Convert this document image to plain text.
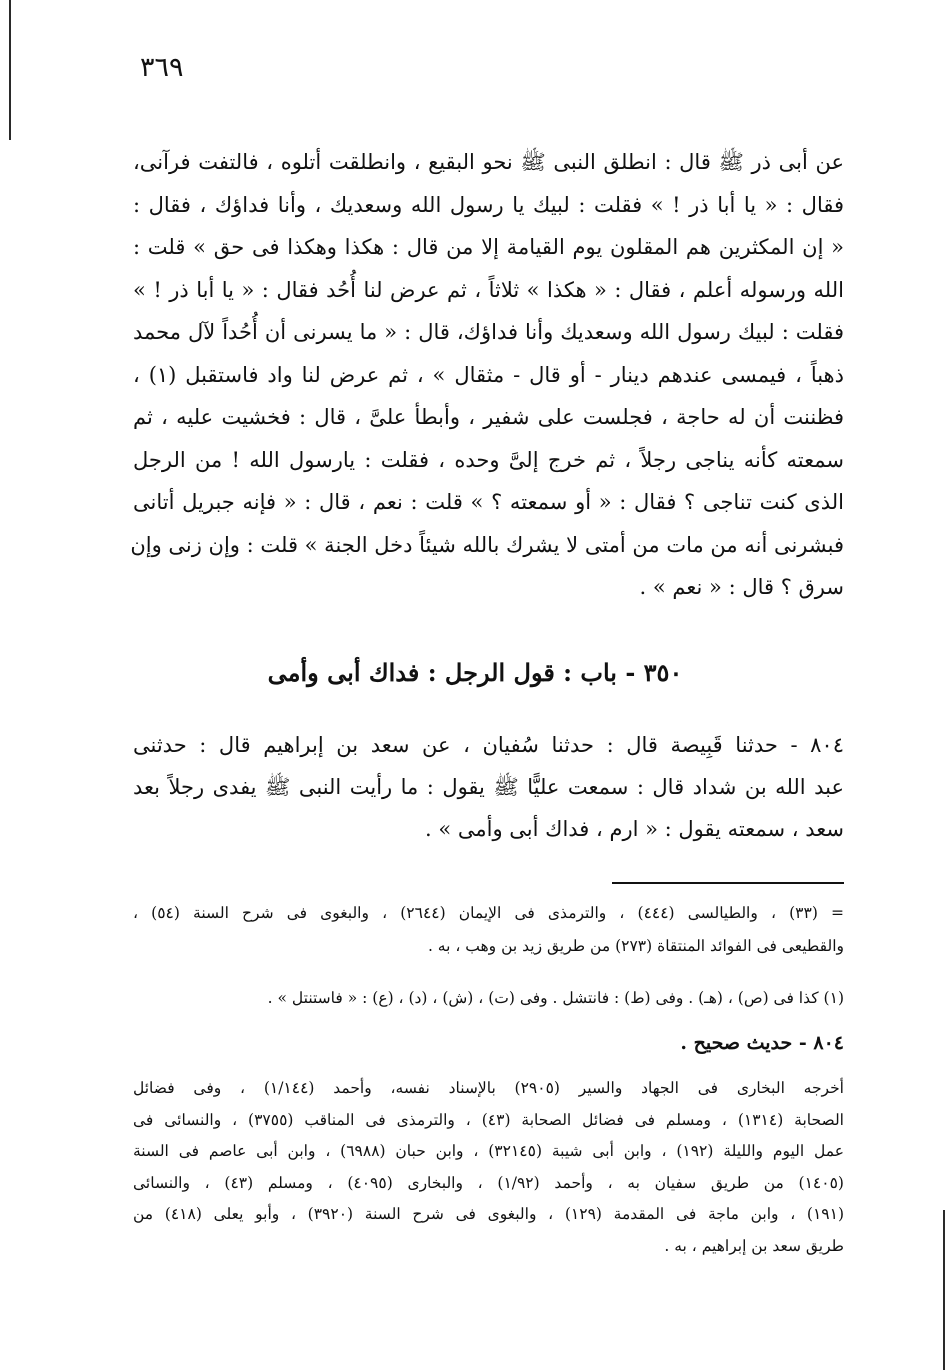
٣٦٩
عن أبى ذر ﷺ قال : انطلق النبى ﷺ نحو البقيع ، وانطلقت أتلوه ، فالتفت فرآنى،
فقال : « يا أبا ذر ! » فقلت : لبيك يا رسول الله وسعديك ، وأنا فداؤك ، فقال :
« إن المكثرين هم المقلون يوم القيامة إلا من قال : هكذا وهكذا فى حق » قلت :
الله ورسوله أعلم ، فقال : « هكذا » ثلاثاً ، ثم عرض لنا أُحُد فقال : « يا أبا ذر ! »
فقلت : لبيك رسول الله وسعديك وأنا فداؤك، قال : « ما يسرنى أن أُحُداً لآل محمد
ذهباً ، فيمسى عندهم دينار - أو قال - مثقال » ، ثم عرض لنا واد فاستقبل (١) ،
فظننت أن له حاجة ، فجلست على شفير ، وأبطأ علىَّ ، قال : فخشيت عليه ، ثم
سمعته كأنه يناجى رجلاً ، ثم خرج إلىَّ وحده ، فقلت : يارسول الله ! من الرجل
الذى كنت تناجى ؟ فقال : « أو سمعته ؟ » قلت : نعم ، قال : « فإنه جبريل أتانى
فبشرنى أنه من مات من أمتى لا يشرك بالله شيئاً دخل الجنة » قلت : وإن زنى وإن
سرق ؟ قال : « نعم » .
٣٥٠ - باب : قول الرجل : فداك أبى وأمى
٨٠٤ - حدثنا قَبِيصة قال : حدثنا سُفيان ، عن سعد بن إبراهيم قال : حدثنى
عبد الله بن شداد قال : سمعت عليًّا ﷺ يقول : ما رأيت النبى ﷺ يفدى رجلاً بعد
سعد ، سمعته يقول : « ارم ، فداك أبى وأمى » .
= (٣٣) ، والطيالسى (٤٤٤) ، والترمذى فى الإيمان (٢٦٤٤) ، والبغوى فى شرح السنة (٥٤) ،
والقطيعى فى الفوائد المنتقاة (٢٧٣) من طريق زيد بن وهب ، به .
(١) كذا فى (ص) ، (هـ) . وفى (ط) : فانتشل . وفى (ت) ، (ش) ، (د) ، (ع) : « فاستنتل » .
٨٠٤ - حديث صحيح .
أخرجه البخارى فى الجهاد والسير (٢٩٠٥) بالإسناد نفسه، وأحمد (١/١٤٤) ، وفى فضائل
الصحابة (١٣١٤) ، ومسلم فى فضائل الصحابة (٤٣) ، والترمذى فى المناقب (٣٧٥٥) ، والنسائى فى
عمل اليوم والليلة (١٩٢) ، وابن أبى شيبة (٣٢١٤٥) ، وابن حبان (٦٩٨٨) ، وابن أبى عاصم فى السنة
(١٤٠٥) من طريق سفيان به ، وأحمد (١/٩٢) ، والبخارى (٤٠٩٥) ، ومسلم (٤٣) ، والنسائى
(١٩١) ، وابن ماجة فى المقدمة (١٢٩) ، والبغوى فى شرح السنة (٣٩٢٠) ، وأبو يعلى (٤١٨) من
طريق سعد بن إبراهيم ، به .
